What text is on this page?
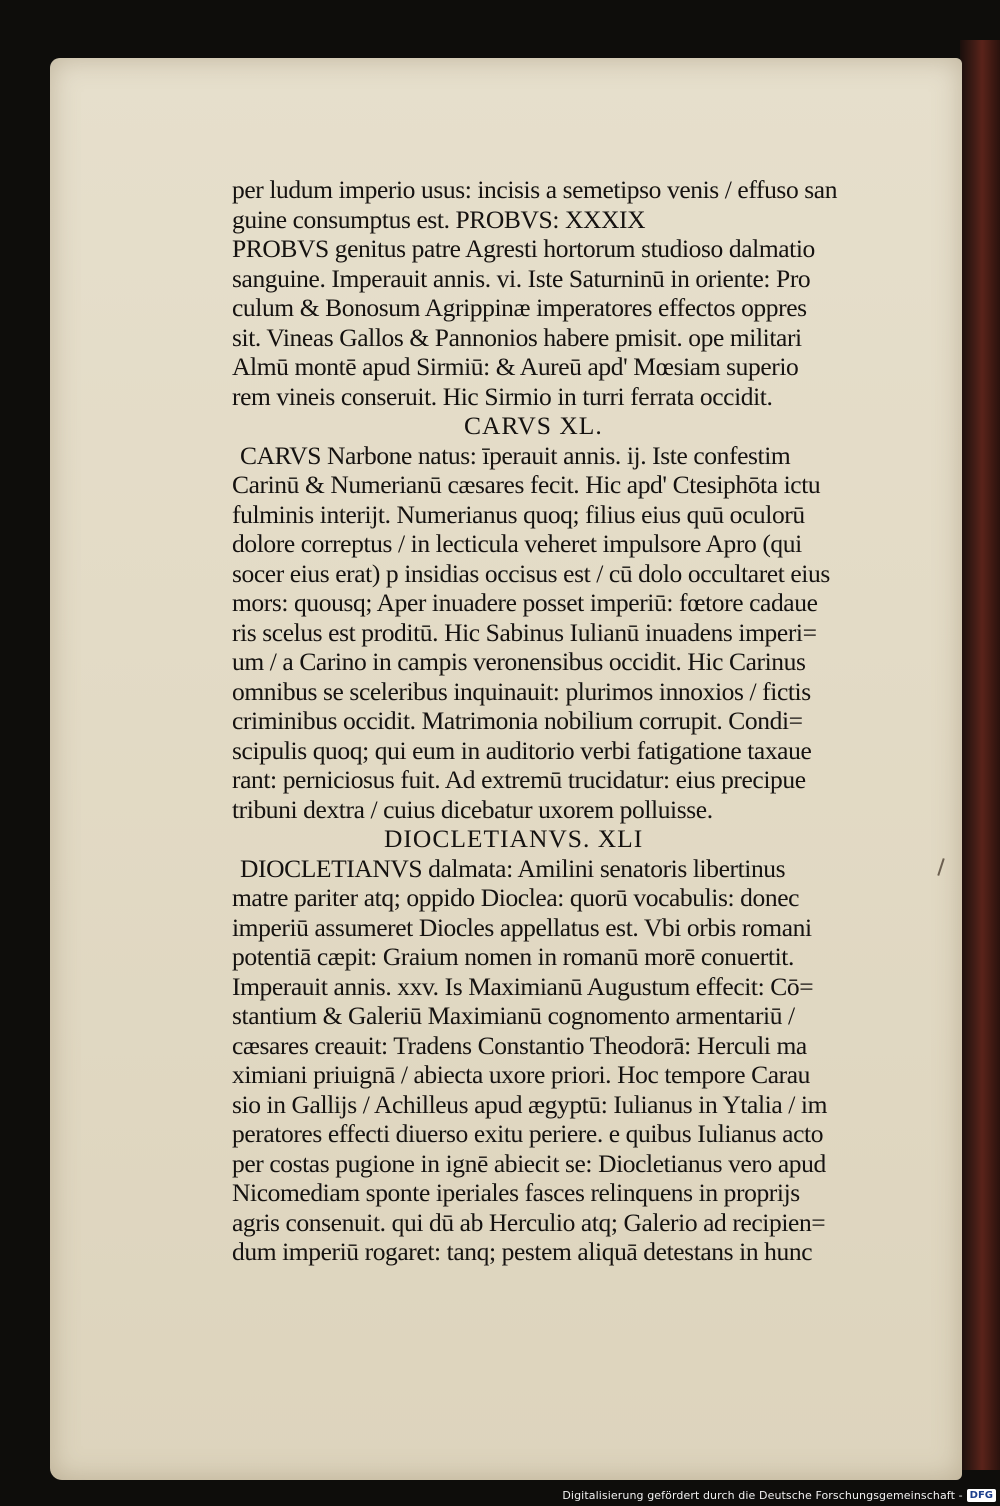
per ludum imperio usus: incisis a semetipso venis / effuso san
guine consumptus est. PROBVS: XXXIX
PROBVS genitus patre Agresti hortorum studioso dalmatio
sanguine. Imperauit annis. vi. Iste Saturninū in oriente: Pro
culum & Bonosum Agrippinæ imperatores effectos oppres
sit. Vineas Gallos & Pannonios habere pmisit. ope militari
Almū montē apud Sirmiū: & Aureū apd' Mœsiam superio
rem vineis conseruit. Hic Sirmio in turri ferrata occidit.
CARVS XL.
CARVS Narbone natus: īperauit annis. ij. Iste confestim
Carinū & Numerianū cæsares fecit. Hic apd' Ctesiphōta ictu
fulminis interijt. Numerianus quoq; filius eius quū oculorū
dolore correptus / in lecticula veheret impulsore Apro (qui
socer eius erat) p insidias occisus est / cū dolo occultaret eius
mors: quousq; Aper inuadere posset imperiū: fœtore cadaue
ris scelus est proditū. Hic Sabinus Iulianū inuadens imperi=
um / a Carino in campis veronensibus occidit. Hic Carinus
omnibus se sceleribus inquinauit: plurimos innoxios / fictis
criminibus occidit. Matrimonia nobilium corrupit. Condi=
scipulis quoq; qui eum in auditorio verbi fatigatione taxaue
rant: perniciosus fuit. Ad extremū trucidatur: eius precipue
tribuni dextra / cuius dicebatur uxorem polluisse.
DIOCLETIANVS. XLI
DIOCLETIANVS dalmata: Amilini senatoris libertinus
matre pariter atq; oppido Dioclea: quorū vocabulis: donec
imperiū assumeret Diocles appellatus est. Vbi orbis romani
potentiā cæpit: Graium nomen in romanū morē conuertit.
Imperauit annis. xxv. Is Maximianū Augustum effecit: Cō=
stantium & Galeriū Maximianū cognomento armentariū /
cæsares creauit: Tradens Constantio Theodorā: Herculi ma
ximiani priuignā / abiecta uxore priori. Hoc tempore Carau
sio in Gallijs / Achilleus apud ægyptū: Iulianus in Ytalia / im
peratores effecti diuerso exitu periere. e quibus Iulianus acto
per costas pugione in ignē abiecit se: Diocletianus vero apud
Nicomediam sponte iperiales fasces relinquens in proprijs
agris consenuit. qui dū ab Herculio atq; Galerio ad recipien=
dum imperiū rogaret: tanq; pestem aliquā detestans in hunc
Digitalisierung gefördert durch die Deutsche Forschungsgemeinschaft - DFG
